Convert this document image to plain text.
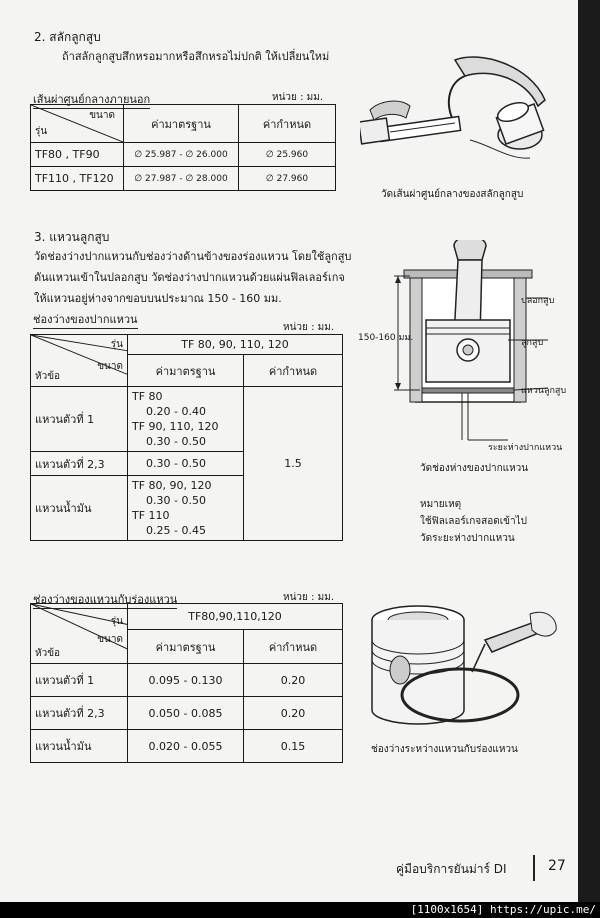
2. สลักลูกสูบ
ถ้าสลักลูกสูบสึกหรอมากหรือสึกหรอไม่ปกติ ให้เปลี่ยนใหม่
เส้นผ่าศูนย์กลางภายนอก	หน่วย : มม.
ขนาด
รุ่น	ค่ามาตรฐาน	ค่ากำหนด
TF80 , TF90	∅ 25.987 - ∅ 26.000	∅ 25.960
TF110 , TF120	∅ 27.987 - ∅ 28.000	∅ 27.960
วัดเส้นผ่าศูนย์กลางของสลักลูกสูบ
3. แหวนลูกสูบ
วัดช่องว่างปากแหวนกับช่องว่างด้านข้างของร่องแหวน โดยใช้ลูกสูบ
ดันแหวนเข้าในปลอกสูบ วัดช่องว่างปากแหวนด้วยแผ่นฟิลเลอร์เกจ
ให้แหวนอยู่ห่างจากขอบบนประมาณ 150 - 160 มม.
ช่องว่างของปากแหวน
หน่วย : มม.
รุ่น
ขนาด
หัวข้อ	TF 80, 90, 110, 120	
	ค่ามาตรฐาน	ค่ากำหนด
แหวนตัวที่ 1	TF 80
0.20 - 0.40
TF 90, 110, 120
0.30 - 0.50	1.5
แหวนตัวที่ 2,3	0.30 - 0.50	

แหวนน้ำมัน	TF 80, 90, 120
0.30 - 0.50
TF 110
0.25 - 0.45	
ปลอกสูบ
ลูกสูบ
แหวนลูกสูบ
150-160 มม.
ระยะห่างปากแหวน
วัดช่องห่างของปากแหวน
หมายเหตุ
ใช้ฟิลเลอร์เกจสอดเข้าไป
วัดระยะห่างปากแหวน
ช่องว่างของแหวนกับร่องแหวน	หน่วย : มม.
รุ่น
ขนาด
หัวข้อ	TF80,90,110,120	
	ค่ามาตรฐาน	ค่ากำหนด
แหวนตัวที่ 1	0.095 - 0.130	0.20
แหวนตัวที่ 2,3	0.050 - 0.085	0.20
แหวนน้ำมัน	0.020 - 0.055	0.15	ช่องว่างระหว่างแหวนกับร่องแหวน
คู่มือบริการยันม่าร์ DI	27
[1100x1654] https://upic.me/
